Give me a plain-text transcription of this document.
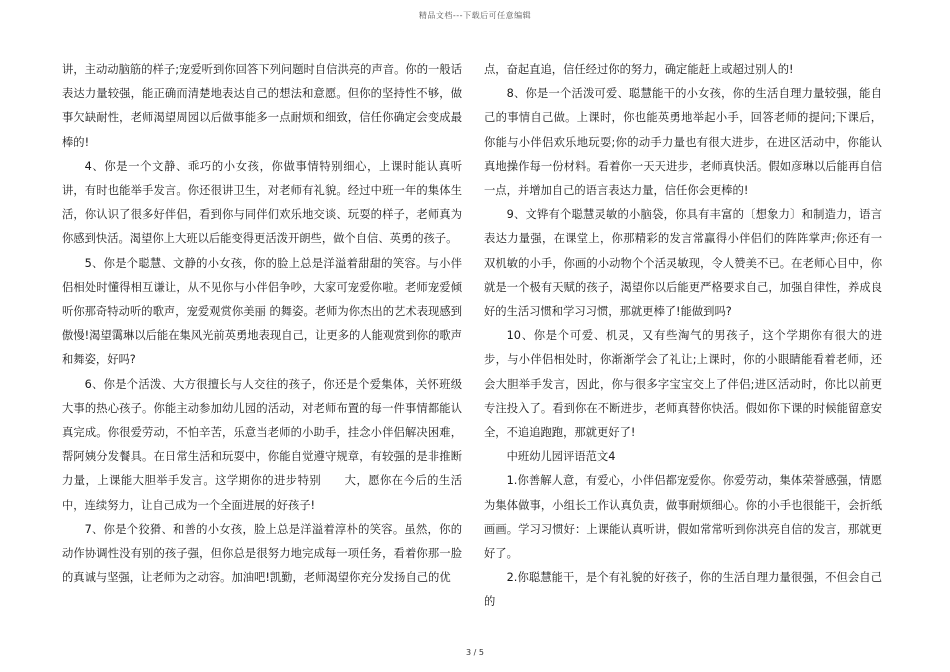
精品文档---下载后可任意编辑

讲，主动动脑筋的样子;宠爱听到你回答下列问题时自信洪亮的声音。你的一般话表达力量较强，能正确而清楚地表达自己的想法和意愿。但你的坚持性不够，做事欠缺耐性，老师渴望周园以后做事能多一点耐烦和细致，信任你确定会变成最棒的!

4、你是一个文静、乖巧的小女孩，你做事情特别细心，上课时能认真听讲，有时也能举手发言。你还很讲卫生，对老师有礼貌。经过中班一年的集体生活，你认识了很多好伴侣，看到你与同伴们欢乐地交谈、玩耍的样子，老师真为你感到快活。渴望你上大班以后能变得更活泼开朗些，做个自信、英勇的孩子。

5、你是个聪慧、文静的小女孩，你的脸上总是洋溢着甜甜的笑容。与小伴侣相处时懂得相互谦让，从不见你与小伴侣争吵，大家可宠爱你啦。老师宠爱倾听你那奇特动听的歌声，宠爱观赏你美丽 的舞姿。老师为你杰出的艺术表现感到傲慢!渴望霭琳以后能在集风光前英勇地表现自己，让更多的人能观赏到你的歌声和舞姿，好吗?

6、你是个活泼、大方很擅长与人交往的孩子，你还是个爱集体，关怀班级大事的热心孩子。你能主动参加幼儿园的活动，对老师布置的每一件事情都能认真完成。你很爱劳动，不怕辛苦，乐意当老师的小助手，挂念小伴侣解决困难，帮阿姨分发餐具。在日常生活和玩耍中，你能自觉遵守规章，有较强的是非推断力量，上课能大胆举手发言。这学期你的进步特别　　大，愿你在今后的生活中，连续努力，让自己成为一个全面进展的好孩子!

7、你是个狡猾、和善的小女孩，脸上总是洋溢着淳朴的笑容。虽然，你的动作协调性没有别的孩子强，但你总是很努力地完成每一项任务，看着你那一脸的真诚与坚强，让老师为之动容。加油吧!凯勤，老师渴望你充分发扬自己的优

点，奋起直追，信任经过你的努力，确定能赶上或超过别人的!

8、你是一个活泼可爱、聪慧能干的小女孩，你的生活自理力量较强，能自己的事情自己做。上课时，你也能英勇地举起小手，回答老师的提问;下课后，你能与小伴侣欢乐地玩耍;你的动手力量也有很大进步，在进区活动中，你能认真地操作每一份材料。看着你一天天进步，老师真快活。假如彦琳以后能再自信一点，并增加自己的语言表达力量，信任你会更棒的!

9、文铧有个聪慧灵敏的小脑袋，你具有丰富的〔想象力〕和制造力，语言表达力量强，在课堂上，你那精彩的发言常赢得小伴侣们的阵阵掌声;你还有一双机敏的小手，你画的小动物个个活灵敏现，令人赞美不已。在老师心目中，你就是一个极有天赋的孩子，渴望你以后能更严格要求自己，加强自律性，养成良好的生活习惯和学习习惯，那就更棒了!能做到吗?

10、你是个可爱、机灵，又有些淘气的男孩子，这个学期你有很大的进步，与小伴侣相处时，你渐渐学会了礼让;上课时，你的小眼睛能看着老师，还会大胆举手发言，因此，你与很多字宝宝交上了伴侣;进区活动时，你比以前更专注投入了。看到你在不断进步，老师真替你快活。假如你下课的时候能留意安全，不追追跑跑，那就更好了!

中班幼儿园评语范文4

1.你善解人意，有爱心，小伴侣都宠爱你。你爱劳动，集体荣誉感强，情愿为集体做事，小组长工作认真负责，做事耐烦细心。你的小手也很能干，会折纸画画。学习习惯好：上课能认真听讲，假如常常听到你洪亮自信的发言，那就更好了。

2.你聪慧能干，是个有礼貌的好孩子，你的生活自理力量很强，不但会自己的

3 / 5
